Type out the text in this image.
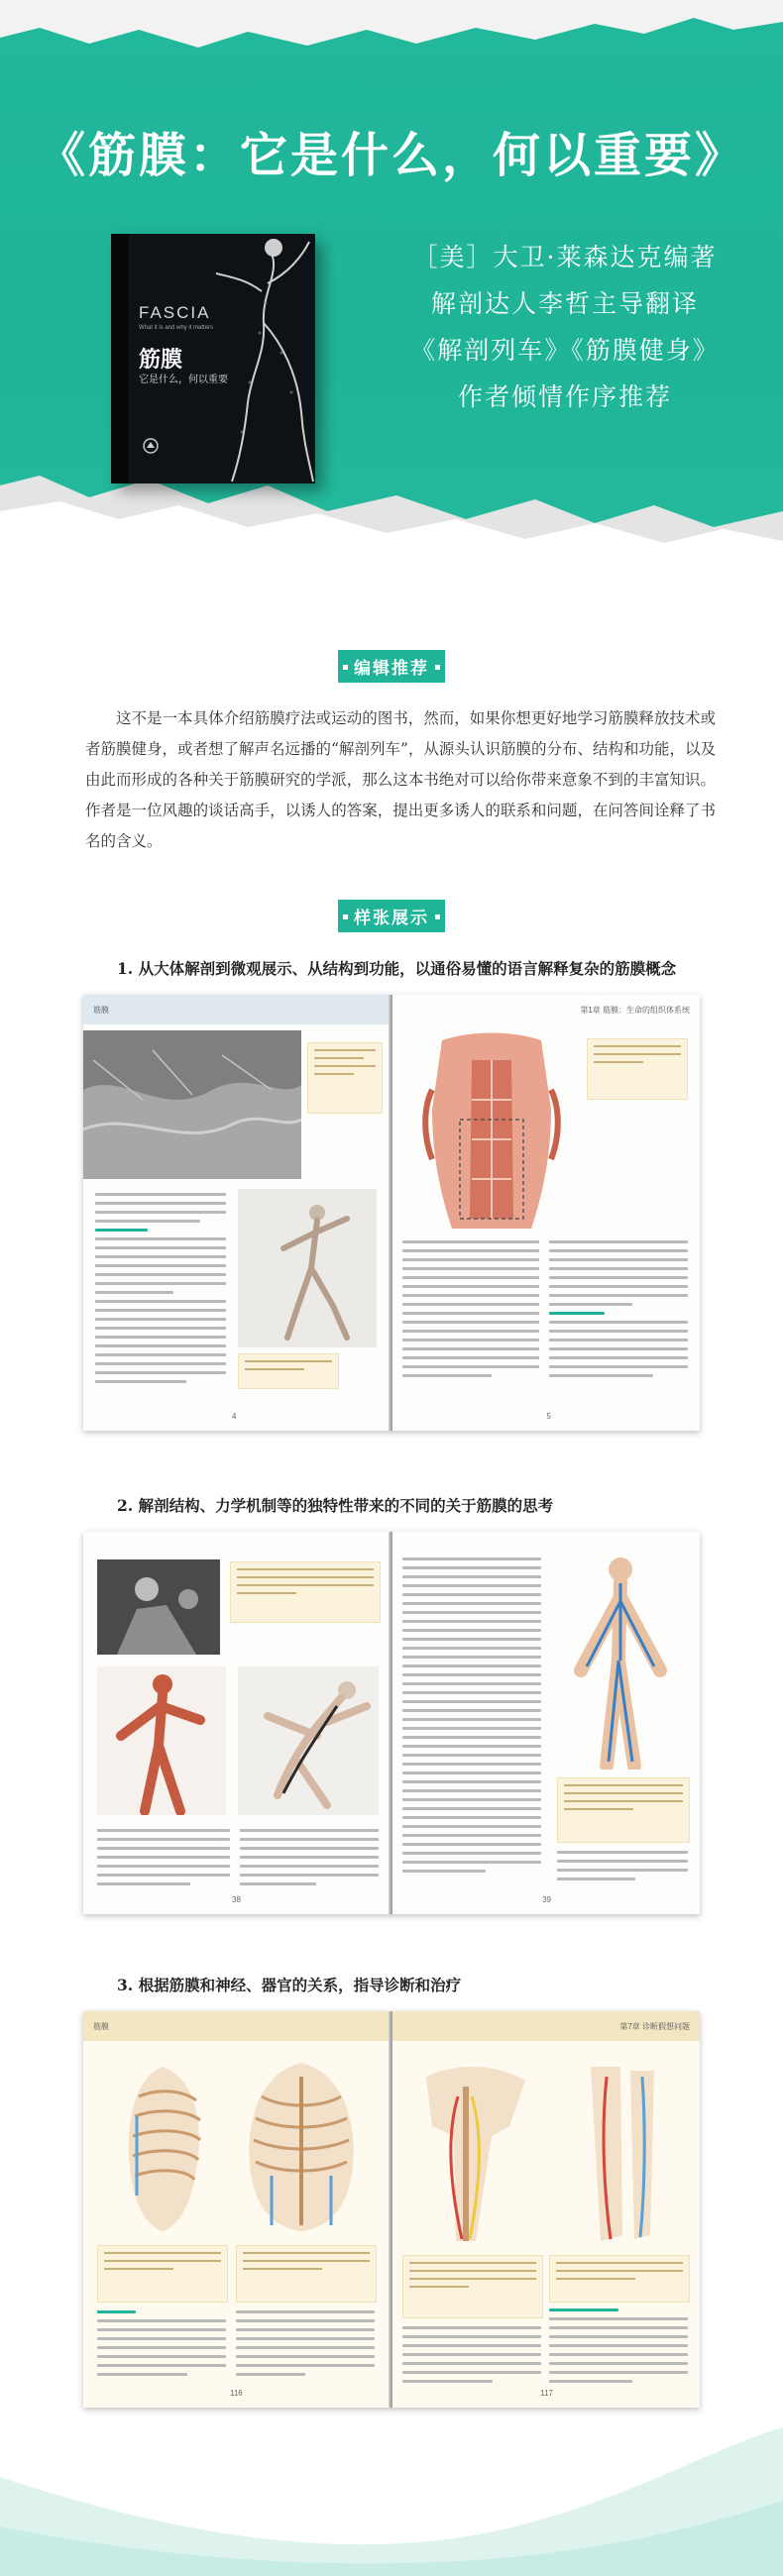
《筋膜：它是什么，何以重要》
FASCIA
What it is and why it matters
筋膜
它是什么，何以重要
［美］大卫·莱森达克编著
解剖达人李哲主导翻译
《解剖列车》《筋膜健身》
作者倾情作序推荐
编辑推荐

这不是一本具体介绍筋膜疗法或运动的图书，然而，如果你想更好地学习筋膜释放技术或者筋膜健身，或者想了解声名远播的“解剖列车”，从源头认识筋膜的分布、结构和功能，以及由此而形成的各种关于筋膜研究的学派，那么这本书绝对可以给你带来意象不到的丰富知识。作者是一位风趣的谈话高手，以诱人的答案，提出更多诱人的联系和问题，在问答间诠释了书名的含义。

样张展示
1. 从大体解剖到微观展示、从结构到功能，以通俗易懂的语言解释复杂的筋膜概念
筋膜
4
第1章 筋膜：生命的组织体系统
5
2. 解剖结构、力学机制等的独特性带来的不同的关于筋膜的思考
38	39
3. 根据筋膜和神经、器官的关系，指导诊断和治疗
筋膜
116
第7章 诊断假想问题
117
